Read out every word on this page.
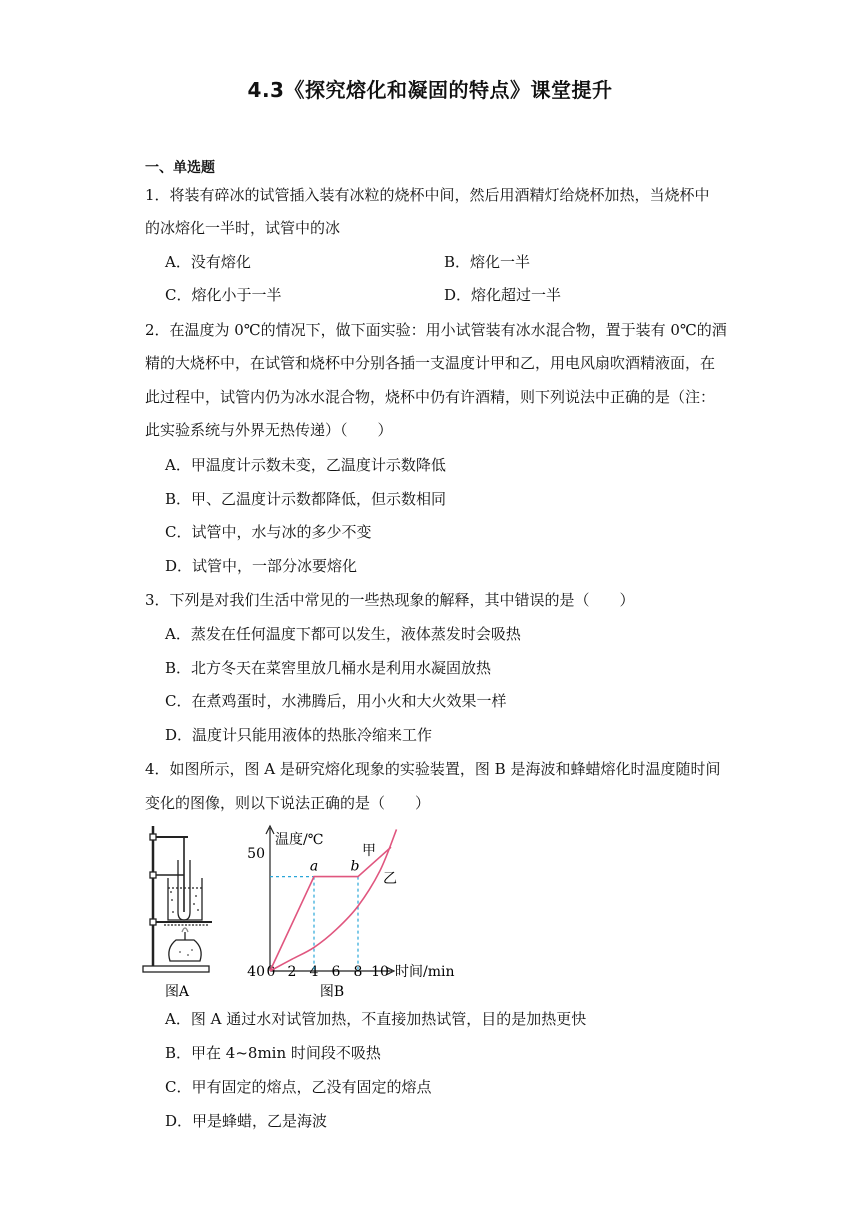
4.3《探究熔化和凝固的特点》课堂提升
一、单选题
1．将装有碎冰的试管插入装有冰粒的烧杯中间，然后用酒精灯给烧杯加热，当烧杯中
的冰熔化一半时，试管中的冰
A．没有熔化	B．熔化一半
C．熔化小于一半	D．熔化超过一半
2．在温度为 0℃的情况下，做下面实验：用小试管装有冰水混合物，置于装有 0℃的酒
精的大烧杯中，在试管和烧杯中分别各插一支温度计甲和乙，用电风扇吹酒精液面，在
此过程中，试管内仍为冰水混合物，烧杯中仍有许酒精，则下列说法中正确的是（注：
此实验系统与外界无热传递）（　　）
A．甲温度计示数未变，乙温度计示数降低
B．甲、乙温度计示数都降低，但示数相同
C．试管中，水与冰的多少不变
D．试管中，一部分冰要熔化
3．下列是对我们生活中常见的一些热现象的解释，其中错误的是（　　）
A．蒸发在任何温度下都可以发生，液体蒸发时会吸热
B．北方冬天在菜窖里放几桶水是利用水凝固放热
C．在煮鸡蛋时，水沸腾后，用小火和大火效果一样
D．温度计只能用液体的热胀冷缩来工作
4．如图所示，图 A 是研究熔化现象的实验装置，图 B 是海波和蜂蜡熔化时温度随时间
变化的图像，则以下说法正确的是（　　）
图A
温度/℃
时间/min
40
50
0 2 4 6 8 10
a b
甲
乙
图B
A．图 A 通过水对试管加热，不直接加热试管，目的是加热更快
B．甲在 4~8min 时间段不吸热
C．甲有固定的熔点，乙没有固定的熔点
D．甲是蜂蜡，乙是海波
